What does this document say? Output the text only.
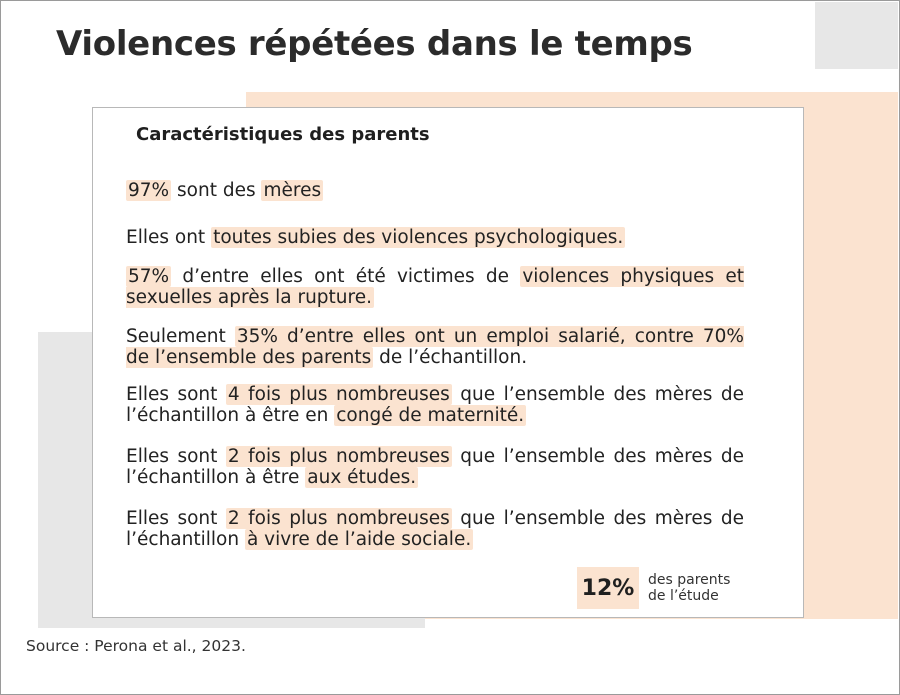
Violences répétées dans le temps
Caractéristiques des parents

97% sont des mères

Elles ont toutes subies des violences psychologiques.

57% d’entre elles ont été victimes de violences physiques et sexuelles après la rupture.

Seulement 35% d’entre elles ont un emploi salarié, contre 70% de l’ensemble des parents de l’échantillon.

Elles sont 4 fois plus nombreuses que l’ensemble des mères de l’échantillon à être en congé de maternité.

Elles sont 2 fois plus nombreuses que l’ensemble des mères de l’échantillon à être aux études.

Elles sont 2 fois plus nombreuses que l’ensemble des mères de l’échantillon à vivre de l’aide sociale.

12% des parents
de l’étude

Source : Perona et al., 2023.
